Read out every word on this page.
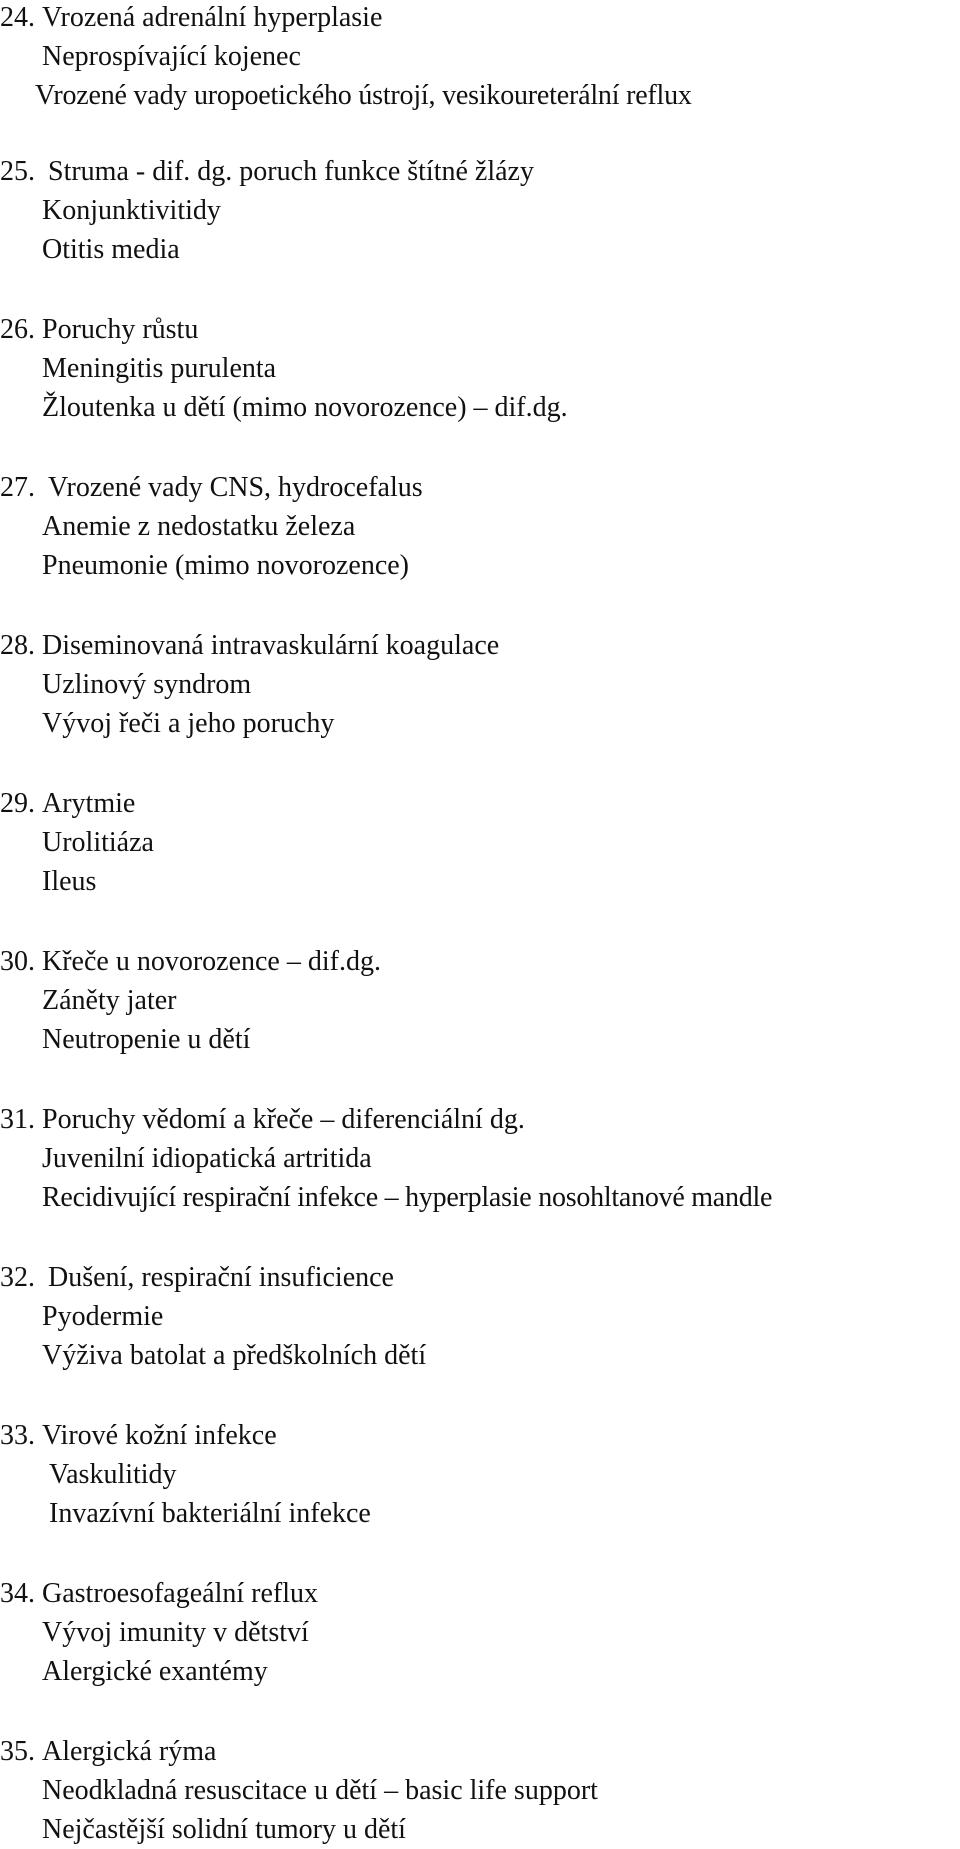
24. Vrozená adrenální hyperplasie
Neprospívající kojenec
Vrozené vady uropoetického ústrojí, vesikoureterální reflux
25. Struma - dif. dg. poruch funkce štítné žlázy
Konjunktivitidy
Otitis media
26. Poruchy růstu
Meningitis purulenta
Žloutenka u dětí (mimo novorozence) – dif.dg.
27. Vrozené vady CNS, hydrocefalus
Anemie z nedostatku železa
Pneumonie (mimo novorozence)
28. Diseminovaná intravaskulární koagulace
Uzlinový syndrom
Vývoj řeči a jeho poruchy
29. Arytmie
Urolitiáza
Ileus
30. Křeče u novorozence – dif.dg.
Záněty jater
Neutropenie u dětí
31. Poruchy vědomí a křeče – diferenciální dg.
Juvenilní idiopatická artritida
Recidivující respirační infekce – hyperplasie nosohltanové mandle
32. Dušení, respirační insuficience
Pyodermie
Výživa batolat a předškolních dětí
33. Virové kožní infekce
Vaskulitidy
Invazívní bakteriální infekce
34. Gastroesofageální reflux
Vývoj imunity v dětství
Alergické exantémy
35. Alergická rýma
Neodkladná resuscitace u dětí – basic life support
Nejčastější solidní tumory u dětí
